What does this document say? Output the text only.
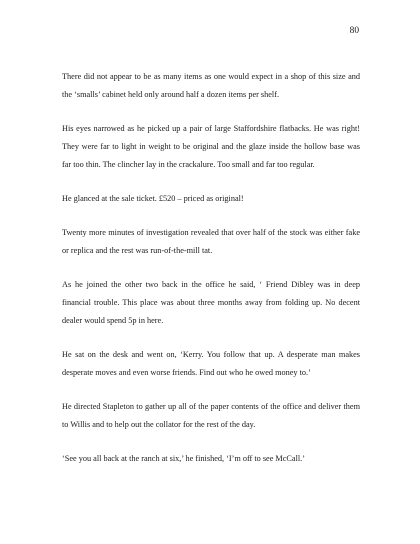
80

There did not appear to be as many items as one would expect in a shop of this size and the ‘smalls’ cabinet held only around half a dozen items per shelf.

His eyes narrowed as he picked up a pair of large Staffordshire flatbacks. He was right! They were far to light in weight to be original and the glaze inside the hollow base was far too thin. The clincher lay in the crackalure. Too small and far too regular.

He glanced at the sale ticket. £520 – priced as original!

Twenty more minutes of investigation revealed that over half of the stock was either fake or replica and the rest was run-of-the-mill tat.

As he joined the other two back in the office he said, ‘ Friend Dibley was in deep financial trouble. This place was about three months away from folding up. No decent dealer would spend 5p in here.

He sat on the desk and went on, ‘Kerry. You follow that up. A desperate man makes desperate moves and even worse friends. Find out who he owed money to.’

He directed Stapleton to gather up all of the paper contents of the office and deliver them to Willis and to help out the collator for the rest of the day.

‘See you all back at the ranch at six,’ he finished, ‘I’m off to see McCall.’
